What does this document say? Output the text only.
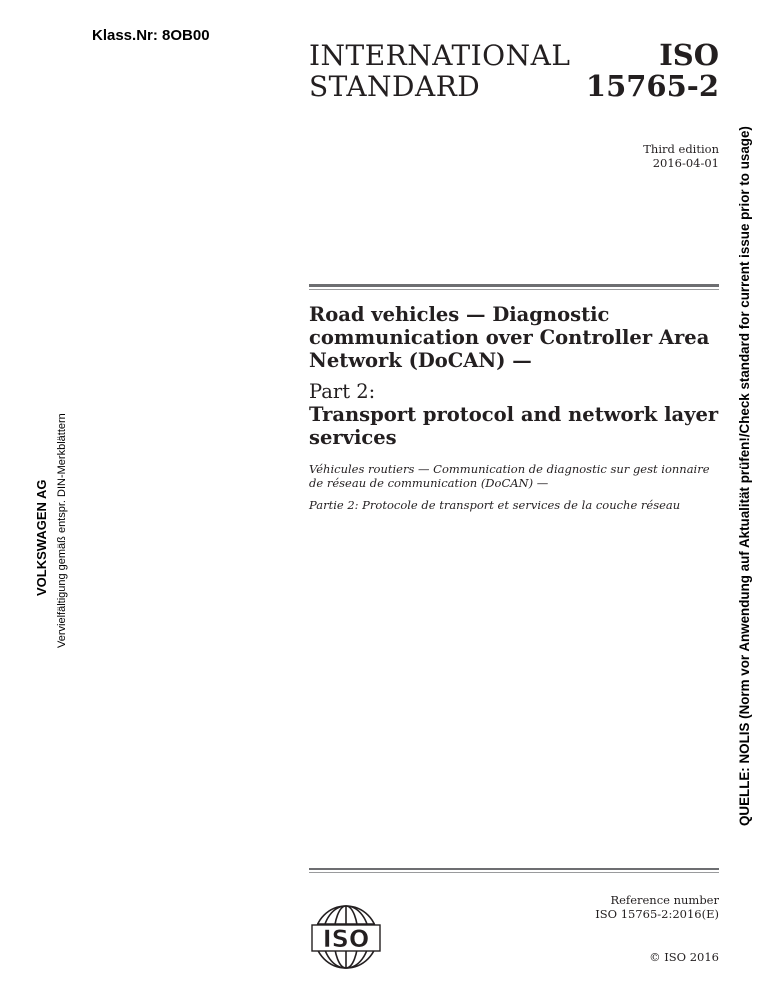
Klass.Nr: 8OB00
INTERNATIONAL
STANDARD
ISO
15765-2
Third edition
2016-04-01
Road vehicles — Diagnostic
communication over Controller Area
Network (DoCAN) —
Part 2:
Transport protocol and network layer
services
Véhicules routiers — Communication de diagnostic sur gest ionnaire
de réseau de communication (DoCAN) —
Partie 2: Protocole de transport et services de la couche réseau
Reference number
ISO 15765-2:2016(E)
© ISO 2016
ISO
VOLKSWAGEN AG Vervielfältigung gemäß entspr. DIN-Merkblättern	QUELLE: NOLIS (Norm vor Anwendung auf Aktualität prüfen!/Check standard for current issue prior to usage)
